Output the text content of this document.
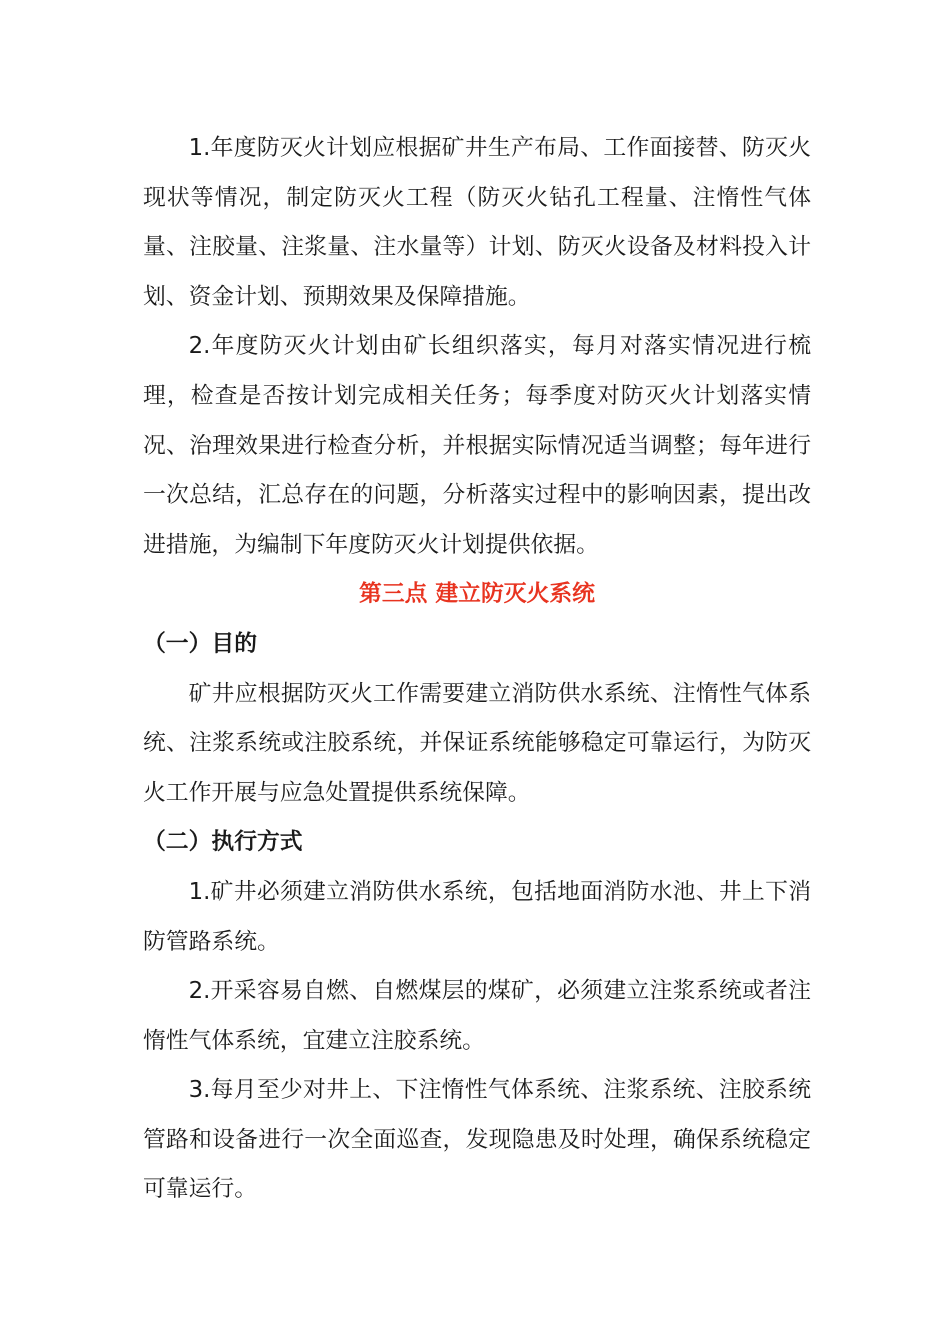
1.年度防灭火计划应根据矿井生产布局、工作面接替、防灭火现状等情况，制定防灭火工程（防灭火钻孔工程量、注惰性气体量、注胶量、注浆量、注水量等）计划、防灭火设备及材料投入计划、资金计划、预期效果及保障措施。

2.年度防灭火计划由矿长组织落实，每月对落实情况进行梳理，检查是否按计划完成相关任务；每季度对防灭火计划落实情况、治理效果进行检查分析，并根据实际情况适当调整；每年进行一次总结，汇总存在的问题，分析落实过程中的影响因素，提出改进措施，为编制下年度防灭火计划提供依据。

第三点 建立防灭火系统

（一）目的

矿井应根据防灭火工作需要建立消防供水系统、注惰性气体系统、注浆系统或注胶系统，并保证系统能够稳定可靠运行，为防灭火工作开展与应急处置提供系统保障。

（二）执行方式

1.矿井必须建立消防供水系统，包括地面消防水池、井上下消防管路系统。

2.开采容易自燃、自燃煤层的煤矿，必须建立注浆系统或者注惰性气体系统，宜建立注胶系统。

3.每月至少对井上、下注惰性气体系统、注浆系统、注胶系统管路和设备进行一次全面巡查，发现隐患及时处理，确保系统稳定可靠运行。
